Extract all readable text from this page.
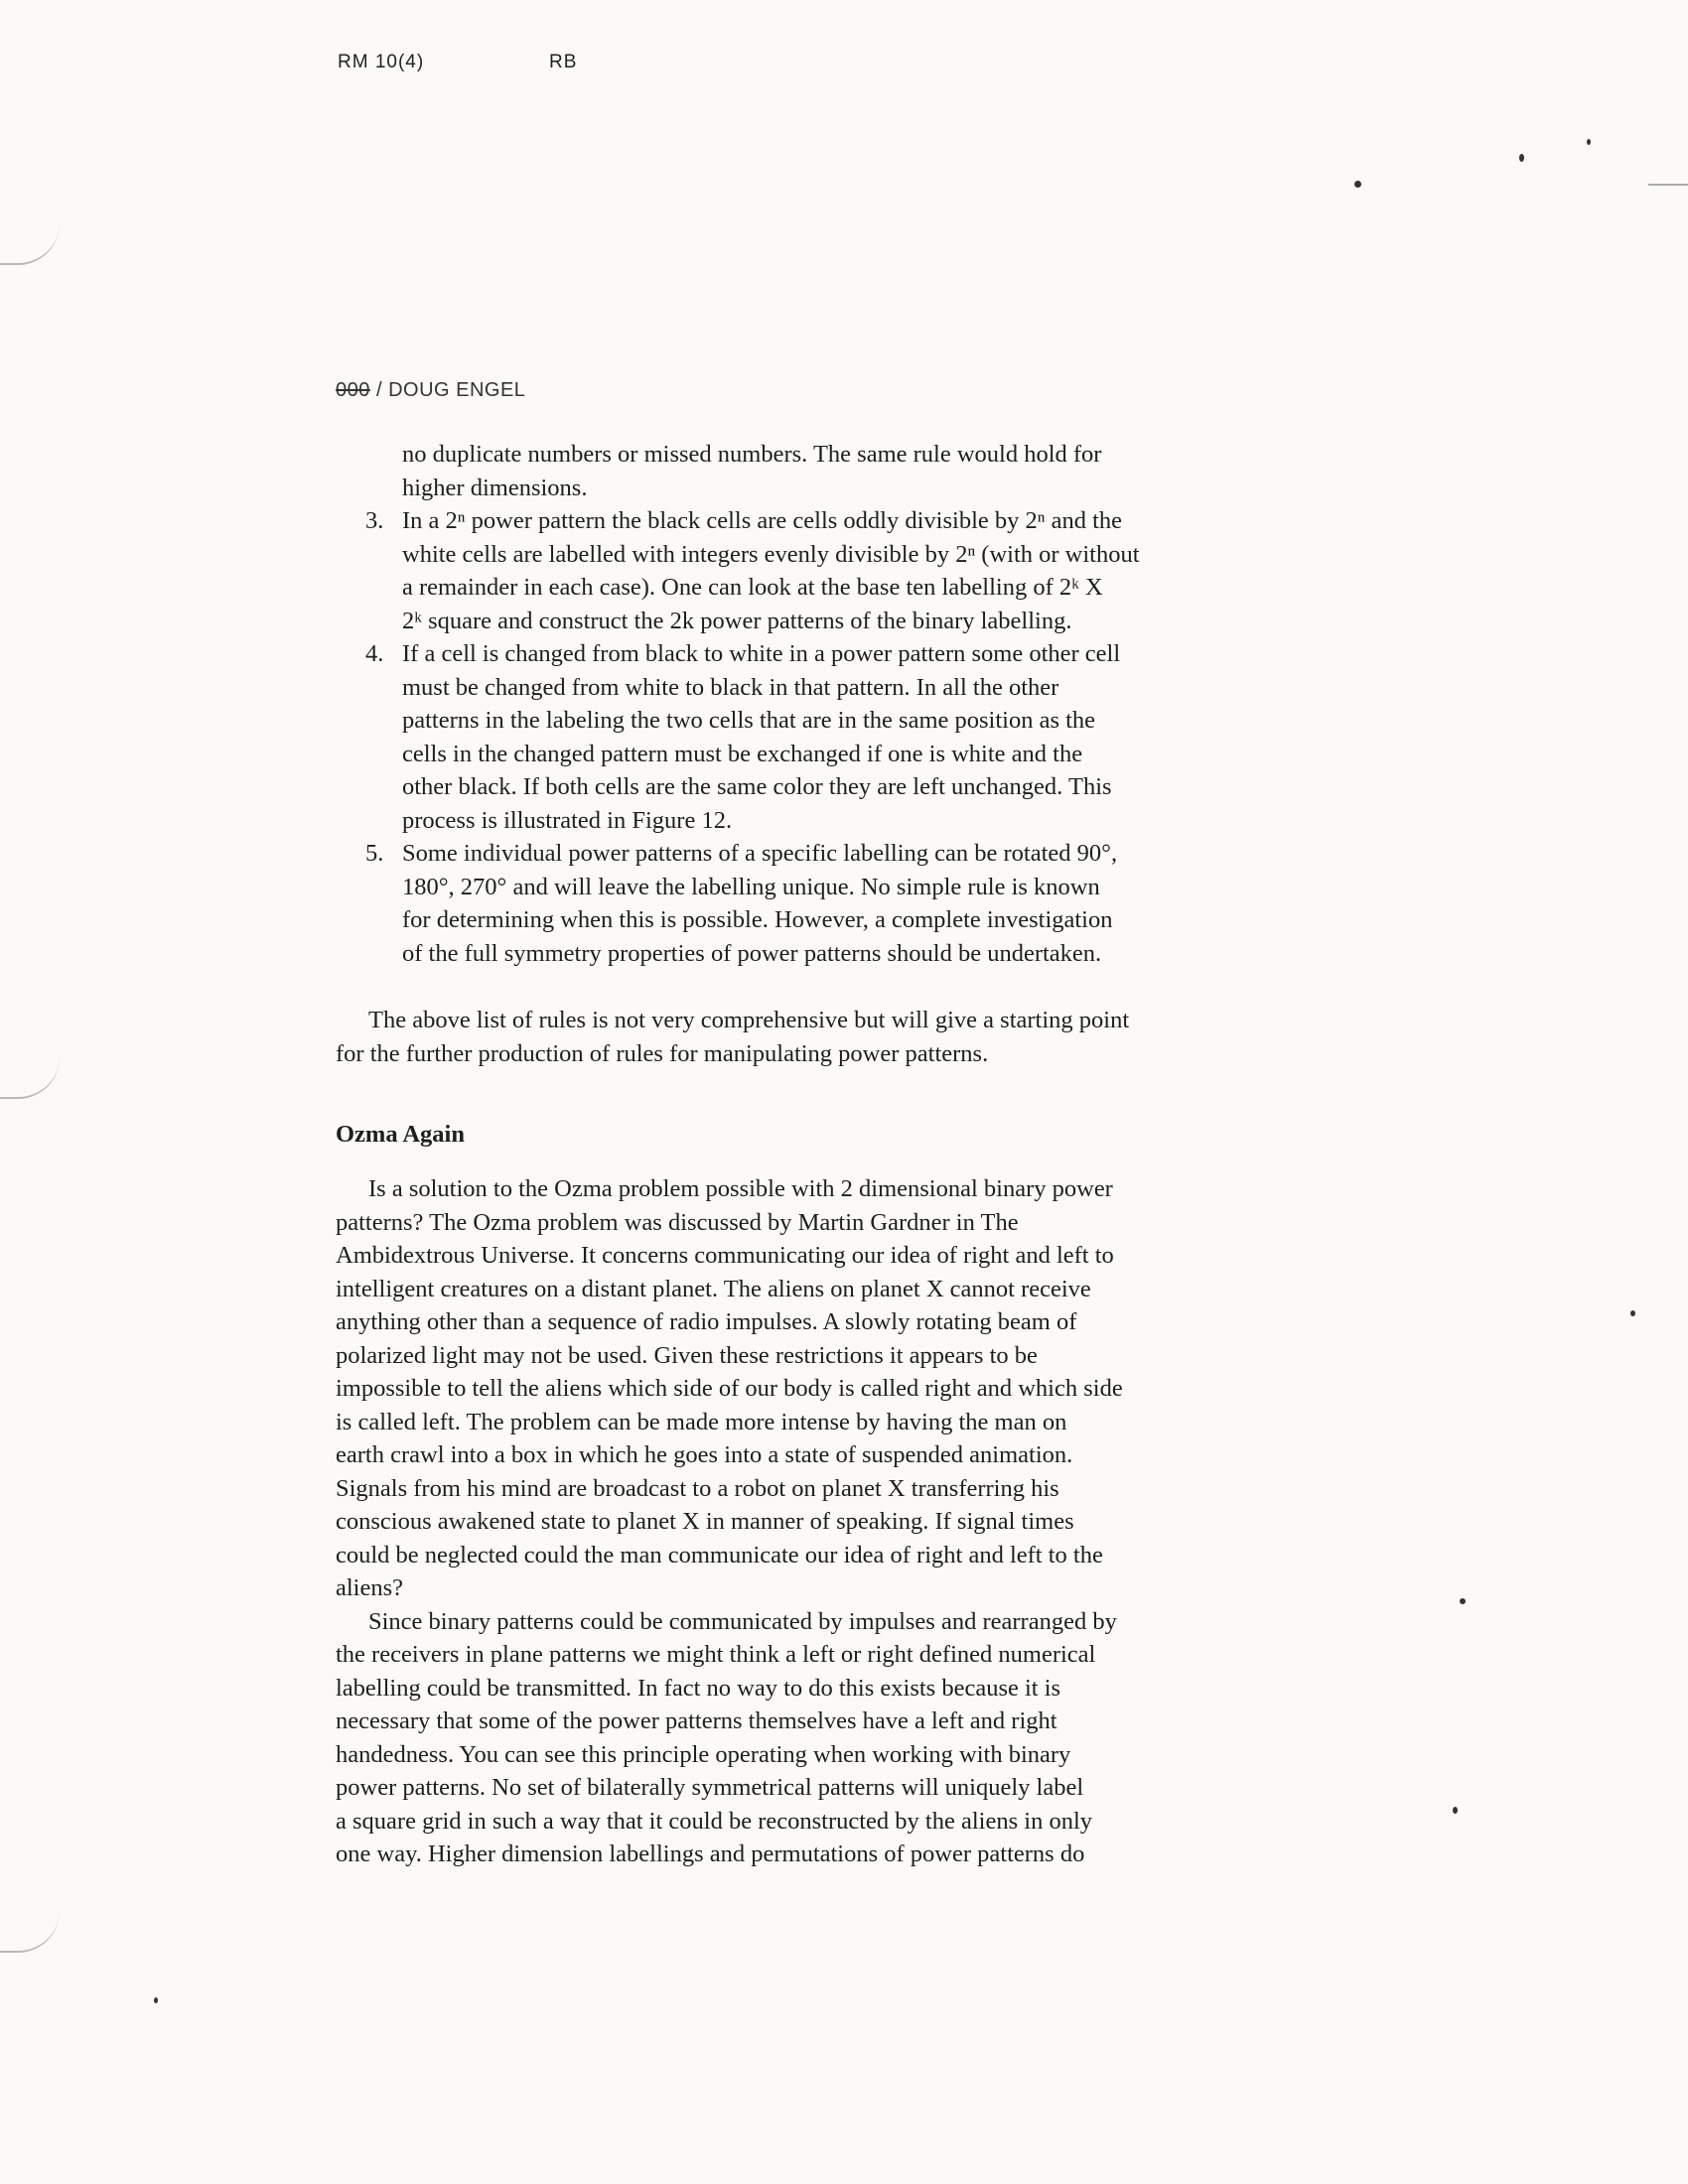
RM 10(4)	RB
000 / DOUG ENGEL

no duplicate numbers or missed numbers. The same rule would hold for

higher dimensions.

3. In a 2ⁿ power pattern the black cells are cells oddly divisible by 2ⁿ and the
white cells are labelled with integers evenly divisible by 2ⁿ (with or without
a remainder in each case). One can look at the base ten labelling of 2ᵏ X
2ᵏ square and construct the 2k power patterns of the binary labelling.
4. If a cell is changed from black to white in a power pattern some other cell
must be changed from white to black in that pattern. In all the other
patterns in the labeling the two cells that are in the same position as the
cells in the changed pattern must be exchanged if one is white and the
other black. If both cells are the same color they are left unchanged. This
process is illustrated in Figure 12.
5. Some individual power patterns of a specific labelling can be rotated 90°,
180°, 270° and will leave the labelling unique. No simple rule is known
for determining when this is possible. However, a complete investigation
of the full symmetry properties of power patterns should be undertaken.

The above list of rules is not very comprehensive but will give a starting point

for the further production of rules for manipulating power patterns.
Ozma Again

Is a solution to the Ozma problem possible with 2 dimensional binary power

patterns? The Ozma problem was discussed by Martin Gardner in The
Ambidextrous Universe. It concerns communicating our idea of right and left to
intelligent creatures on a distant planet. The aliens on planet X cannot receive
anything other than a sequence of radio impulses. A slowly rotating beam of
polarized light may not be used. Given these restrictions it appears to be
impossible to tell the aliens which side of our body is called right and which side
is called left. The problem can be made more intense by having the man on
earth crawl into a box in which he goes into a state of suspended animation.
Signals from his mind are broadcast to a robot on planet X transferring his
conscious awakened state to planet X in manner of speaking. If signal times
could be neglected could the man communicate our idea of right and left to the
aliens?

Since binary patterns could be communicated by impulses and rearranged by

the receivers in plane patterns we might think a left or right defined numerical
labelling could be transmitted. In fact no way to do this exists because it is
necessary that some of the power patterns themselves have a left and right
handedness. You can see this principle operating when working with binary
power patterns. No set of bilaterally symmetrical patterns will uniquely label
a square grid in such a way that it could be reconstructed by the aliens in only
one way. Higher dimension labellings and permutations of power patterns do
